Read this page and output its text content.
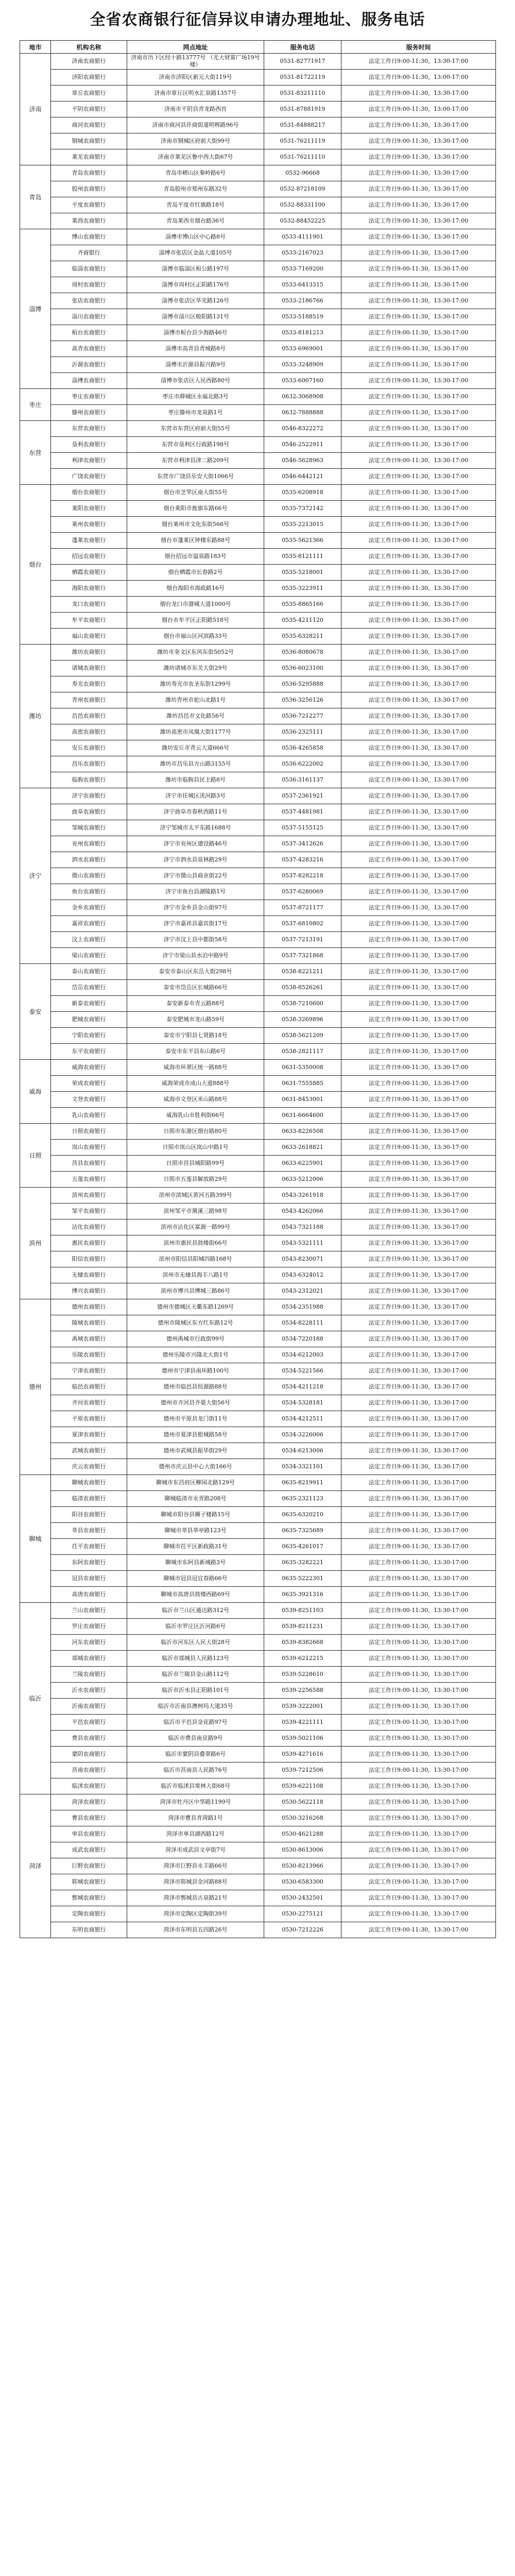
全省农商银行征信异议申请办理地址、服务电话
地市	机构名称	网点地址	服务电话	服务时间
济南	济南农商银行	济南市历下区经十路13777号 （光大财富广场19号楼）	0531-82771917	法定工作日9:00-11:30，13:30-17:00
	济阳农商银行	济南市济阳区新元大街119号	0531-81722119	法定工作日9:00-11:30，13:00-17:00
	章丘农商银行	济南市章丘区明水汇泉路1357号	0531-83211110	法定工作日9:00-11:30，13:30-17:00
	平阴农商银行	济南市平阴县青龙路西首	0531-87881919	法定工作日9:00-11:30，13:00-17:00
	商河农商银行	济南市商河县许商街道明辉路96号	0531-84888217	法定工作日9:00-11:30，13:30-17:00
	钢城农商银行	济南市钢城区府前大街99号	0531-76211119	法定工作日9:00-11:30，13:30-17:00
	莱芜农商银行	济南市莱芜区鲁中西大街67号	0531-76211110	法定工作日9:00-11:30，13:30-17:00
青岛	青岛农商银行	青岛市崂山区秦岭路6号	0532-96668	法定工作日9:00-11:30，13:30-17:00
	胶州农商银行	青岛胶州市郑州东路32号	0532-87218109	法定工作日9:00-11:30，13:30-17:00
	平度农商银行	青岛平度市红旗路18号	0532-88331100	法定工作日9:00-11:30，13:30-17:00
	莱西农商银行	青岛莱西市烟台路36号	0532-88452225	法定工作日9:00-11:30，13:30-17:00
淄博	博山农商银行	淄博市博山区中心路8号	0533-4111901	法定工作日9:00-11:30，13:30-17:00
	齐商银行	淄博市张店区金晶大道105号	0533-2167023	法定工作日9:00-11:30，13:30-17:00
	临淄农商银行	淄博市临淄区桓公路197号	0533-7169200	法定工作日9:00-11:30，13:30-17:00
	周村农商银行	淄博市周村区正阳路176号	0533-6413315	法定工作日9:00-11:30，13:30-17:00
	张店农商银行	淄博市张店区华光路126号	0533-2186766	法定工作日9:00-11:30，13:30-17:00
	淄川农商银行	淄博市淄川区般阳路131号	0533-5188519	法定工作日9:00-11:30，13:30-17:00
	桓台农商银行	淄博市桓台县少海路46号	0533-8181213	法定工作日9:00-11:30，13:30-17:00
	高青农商银行	淄博市高青县青城路8号	0533-6969001	法定工作日9:00-11:30，13:30-17:00
	沂源农商银行	淄博市沂源县振兴路9号	0533-3248909	法定工作日9:00-11:30，13:30-17:00
	淄博农商银行	淄博市张店区人民西路80号	0533-6007160	法定工作日9:00-11:30，13:30-17:00
枣庄	枣庄农商银行	枣庄市薛城区永福北路3号	0632-3068908	法定工作日9:00-11:30，13:30-17:00
	滕州农商银行	枣庄滕州市龙泉路1号	0632-7888888	法定工作日9:00-11:30，13:30-17:00
东营	东营农商银行	东营市东营区府前大街55号	0546-8322272	法定工作日9:00-11:30，13:30-17:00
	垦利农商银行	东营市垦利区行政路198号	0546-2522911	法定工作日9:00-11:30，13:30-17:00
	利津农商银行	东营市利津县津二路209号	0546-5628963	法定工作日9:00-11:30，13:30-17:00
	广饶农商银行	东营市广饶县乐安大街1066号	0546-6442121	法定工作日9:00-11:30，13:30-17:00
烟台	烟台农商银行	烟台市芝罘区南大街55号	0535-6208918	法定工作日9:00-11:30，13:30-17:00
	莱阳农商银行	烟台莱阳市旌旗东路66号	0535-7372142	法定工作日9:00-11:30，13:30-17:00
	莱州农商银行	烟台莱州市文化东街566号	0535-2213015	法定工作日9:00-11:30，13:30-17:00
	蓬莱农商银行	烟台市蓬莱区钟楼东路88号	0535-5621366	法定工作日9:00-11:30，13:30-17:00
	招远农商银行	烟台招远市温泉路183号	0535-8121111	法定工作日9:00-11:30，13:30-17:00
	栖霞农商银行	烟台栖霞市长春路2号	0535-5218001	法定工作日9:00-11:30，13:30-17:00
	海阳农商银行	烟台海阳市海政路16号	0535-3223911	法定工作日9:00-11:30，13:30-17:00
	龙口农商银行	烟台龙口市港城大道1000号	0535-8865166	法定工作日9:00-11:30，13:30-17:00
	牟平农商银行	烟台市牟平区正阳路518号	0535-4211120	法定工作日9:00-11:30，13:30-17:00
	福山农商银行	烟台市福山区河滨路33号	0535-6328211	法定工作日9:00-11:30，13:30-17:00
潍坊	潍坊农商银行	潍坊市奎文区东风东街5052号	0536-8080678	法定工作日9:00-11:30，13:30-17:00
	诸城农商银行	潍坊诸城市东关大街29号	0536-6023100	法定工作日9:00-11:30，13:30-17:00
	寿光农商银行	潍坊寿光市农圣东街1299号	0536-5295888	法定工作日9:00-11:30，13:30-17:00
	青州农商银行	潍坊青州市驼山北路1号	0536-3256126	法定工作日9:00-11:30，13:30-17:00
	昌邑农商银行	潍坊昌邑市文化路56号	0536-7212277	法定工作日9:00-11:30，13:30-17:00
	高密农商银行	潍坊高密市凤凰大街1177号	0536-2325111	法定工作日9:00-11:30，13:30-17:00
	安丘农商银行	潍坊安丘市青云大道666号	0536-4265858	法定工作日9:00-11:30，13:30-17:00
	昌乐农商银行	潍坊市昌乐县方山路3155号	0536-6222002	法定工作日9:00-11:30，13:30-17:00
	临朐农商银行	潍坊市临朐县民主路8号	0536-3161137	法定工作日9:00-11:30，13:30-17:00
济宁	济宁农商银行	济宁市任城区洸河路3号	0537-2361921	法定工作日9:00-11:30，13:30-17:00
	曲阜农商银行	济宁曲阜市春秋西路11号	0537-4481981	法定工作日9:00-11:30，13:30-17:00
	邹城农商银行	济宁邹城市太平东路1688号	0537-5155125	法定工作日9:00-11:30，13:30-17:00
	兖州农商银行	济宁市兖州区建设路46号	0537-3412626	法定工作日9:00-11:30，13:30-17:00
	泗水农商银行	济宁市泗水县泉林路29号	0537-4283216	法定工作日9:00-11:30，13:30-17:00
	微山农商银行	济宁市微山县商业街22号	0537-8282218	法定工作日9:00-11:30，13:30-17:00
	鱼台农商银行	济宁市鱼台县湖陵路1号	0537-6280069	法定工作日9:00-11:30，13:30-17:00
	金乡农商银行	济宁市金乡县金山街97号	0537-8721177	法定工作日9:00-11:30，13:30-17:00
	嘉祥农商银行	济宁市嘉祥县嘉宾街17号	0537-6810802	法定工作日9:00-11:30，13:30-17:00
	汶上农商银行	济宁市汶上县中都街58号	0537-7213191	法定工作日9:00-11:30，13:30-17:00
	梁山农商银行	济宁市梁山县水泊中路9号	0537-7321868	法定工作日9:00-11:30，13:30-17:00
泰安	泰山农商银行	泰安市泰山区东岳大街298号	0538-8221211	法定工作日9:00-11:30，13:30-17:00
	岱岳农商银行	泰安市岱岳区长城路66号	0538-8526261	法定工作日9:00-11:30，13:30-17:00
	新泰农商银行	泰安新泰市青云路88号	0538-7210600	法定工作日9:00-11:30，13:30-17:00
	肥城农商银行	泰安肥城市龙山路59号	0538-3269896	法定工作日9:00-11:30，13:30-17:00
	宁阳农商银行	泰安市宁阳县七贤路18号	0538-5621209	法定工作日9:00-11:30，13:30-17:00
	东平农商银行	泰安市东平县东山路6号	0538-2821117	法定工作日9:00-11:30，13:30-17:00
威海	威海农商银行	威海市环翠区统一路88号	0631-5350008	法定工作日9:00-11:30，13:30-17:00
	荣成农商银行	威海荣成市成山大道888号	0631-7555885	法定工作日9:00-11:30，13:30-17:00
	文登农商银行	威海市文登区米山路88号	0631-8453001	法定工作日9:00-11:30，13:30-17:00
	乳山农商银行	威海乳山市胜利街66号	0631-6664600	法定工作日9:00-11:30，13:30-17:00
日照	日照农商银行	日照市东港区烟台路80号	0633-8226508	法定工作日9:00-11:30，13:30-17:00
	岚山农商银行	日照市岚山区岚山中路1号	0633-2618821	法定工作日9:00-11:30，13:30-17:00
	莒县农商银行	日照市莒县城阳路99号	0633-6225901	法定工作日9:00-11:30，13:30-17:00
	五莲农商银行	日照市五莲县解放路29号	0633-5212006	法定工作日9:00-11:30，13:30-17:00
滨州	滨州农商银行	滨州市滨城区黄河五路399号	0543-3261918	法定工作日9:00-11:30，13:30-17:00
	邹平农商银行	滨州邹平市黛溪三路98号	0543-4262066	法定工作日9:00-11:30，13:30-17:00
	沾化农商银行	滨州市沾化区富源一路99号	0543-7321188	法定工作日9:00-11:30，13:30-17:00
	惠民农商银行	滨州市惠民县鼓楼街66号	0543-5321111	法定工作日9:00-11:30，13:30-17:00
	阳信农商银行	滨州市阳信县阳城四路168号	0543-8230071	法定工作日9:00-11:30，13:30-17:00
	无棣农商银行	滨州市无棣县海丰八路1号	0543-6324012	法定工作日9:00-11:30，13:30-17:00
	博兴农商银行	滨州市博兴县博城三路86号	0543-2312021	法定工作日9:00-11:30，13:30-17:00
德州	德州农商银行	德州市德城区天衢东路1269号	0534-2351988	法定工作日9:00-11:30，13:30-17:00
	陵城农商银行	德州市陵城区东方红东路12号	0534-8228111	法定工作日9:00-11:30，13:30-17:00
	禹城农商银行	德州禹城市行政街99号	0534-7220188	法定工作日9:00-11:30，13:30-17:00
	乐陵农商银行	德州乐陵市兴隆北大街1号	0534-6212003	法定工作日9:00-11:30，13:30-17:00
	宁津农商银行	德州市宁津县南环路100号	0534-5221566	法定工作日9:00-11:30，13:30-17:00
	临邑农商银行	德州市临邑县恒源路88号	0534-4211218	法定工作日9:00-11:30，13:30-17:00
	齐河农商银行	德州市齐河县齐晏大街56号	0534-5328181	法定工作日9:00-11:30，13:30-17:00
	平原农商银行	德州市平原县龙门街11号	0534-4212511	法定工作日9:00-11:30，13:30-17:00
	夏津农商银行	德州市夏津县银城路58号	0534-3226006	法定工作日9:00-11:30，13:30-17:00
	武城农商银行	德州市武城县振华街29号	0534-6213006	法定工作日9:00-11:30，13:30-17:00
	庆云农商银行	德州市庆云县中心大街166号	0534-3321101	法定工作日9:00-11:30，13:30-17:00
聊城	聊城农商银行	聊城市东昌府区柳园北路129号	0635-8219911	法定工作日9:00-11:30，13:30-17:00
	临清农商银行	聊城临清市永青路208号	0635-2321123	法定工作日9:00-11:30，13:30-17:00
	阳谷农商银行	聊城市阳谷县狮子楼路15号	0635-6320210	法定工作日9:00-11:30，13:30-17:00
	莘县农商银行	聊城市莘县莘亭路123号	0635-7325689	法定工作日9:00-11:30，13:30-17:00
	茌平农商银行	聊城市茌平区新政路31号	0635-4261017	法定工作日9:00-11:30，13:30-17:00
	东阿农商银行	聊城市东阿县新城路3号	0635-3282221	法定工作日9:00-11:30，13:30-17:00
	冠县农商银行	聊城市冠县冠宜春路66号	0635-5222301	法定工作日9:00-11:30，13:30-17:00
	高唐农商银行	聊城市高唐县鼓楼西路69号	0635-3921316	法定工作日9:00-11:30，13:30-17:00
临沂	兰山农商银行	临沂市兰山区通达路312号	0539-8251103	法定工作日9:00-11:30，13:30-17:00
	罗庄农商银行	临沂市罗庄区沂河路6号	0539-8211231	法定工作日9:00-11:30，13:30-17:00
	河东农商银行	临沂市河东区人民大街28号	0539-8382668	法定工作日9:00-11:30，13:30-17:00
	郯城农商银行	临沂市郯城县人民路123号	0539-6212215	法定工作日9:00-11:30，13:30-17:00
	兰陵农商银行	临沂市兰陵县金山路112号	0539-5228610	法定工作日9:00-11:30，13:30-17:00
	沂水农商银行	临沂市沂水县正阳路101号	0539-2256588	法定工作日9:00-11:30，13:30-17:00
	沂南农商银行	临沂市沂南县澳柯玛大道35号	0539-3222001	法定工作日9:00-11:30，13:30-17:00
	平邑农商银行	临沂市平邑县金花路97号	0539-4221111	法定工作日9:00-11:30，13:30-17:00
	费县农商银行	临沂市费县南京路9号	0539-5021106	法定工作日9:00-11:30，13:30-17:00
	蒙阴农商银行	临沂市蒙阴县叠翠路6号	0539-4271616	法定工作日9:00-11:30，13:30-17:00
	莒南农商银行	临沂市莒南县人民路76号	0539-7212506	法定工作日9:00-11:30，13:30-17:00
	临沭农商银行	临沂市临沭县常林大街68号	0539-6221108	法定工作日9:00-11:30，13:30-17:00
菏泽	菏泽农商银行	菏泽市牡丹区中华路1199号	0530-5622118	法定工作日9:00-11:30，13:30-17:00
	曹县农商银行	菏泽市曹县青菏路1号	0530-3216268	法定工作日9:00-11:30，13:30-17:00
	单县农商银行	菏泽市单县湖西路12号	0530-4621288	法定工作日9:00-11:30，13:30-17:00
	成武农商银行	菏泽市成武县文亭街7号	0530-8613006	法定工作日9:00-11:30，13:30-17:00
	巨野农商银行	菏泽市巨野县永丰路66号	0530-8213966	法定工作日9:00-11:30，13:30-17:00
	郓城农商银行	菏泽市郓城县金河路88号	0530-6583300	法定工作日9:00-11:30，13:30-17:00
	鄄城农商银行	菏泽市鄄城县古泉路21号	0530-2432501	法定工作日9:00-11:30，13:30-17:00
	定陶农商银行	菏泽市定陶区定陶街39号	0530-2275121	法定工作日9:00-11:30，13:30-17:00
	东明农商银行	菏泽市东明县五四路26号	0530-7212226	法定工作日9:00-11:30，13:30-17:00
